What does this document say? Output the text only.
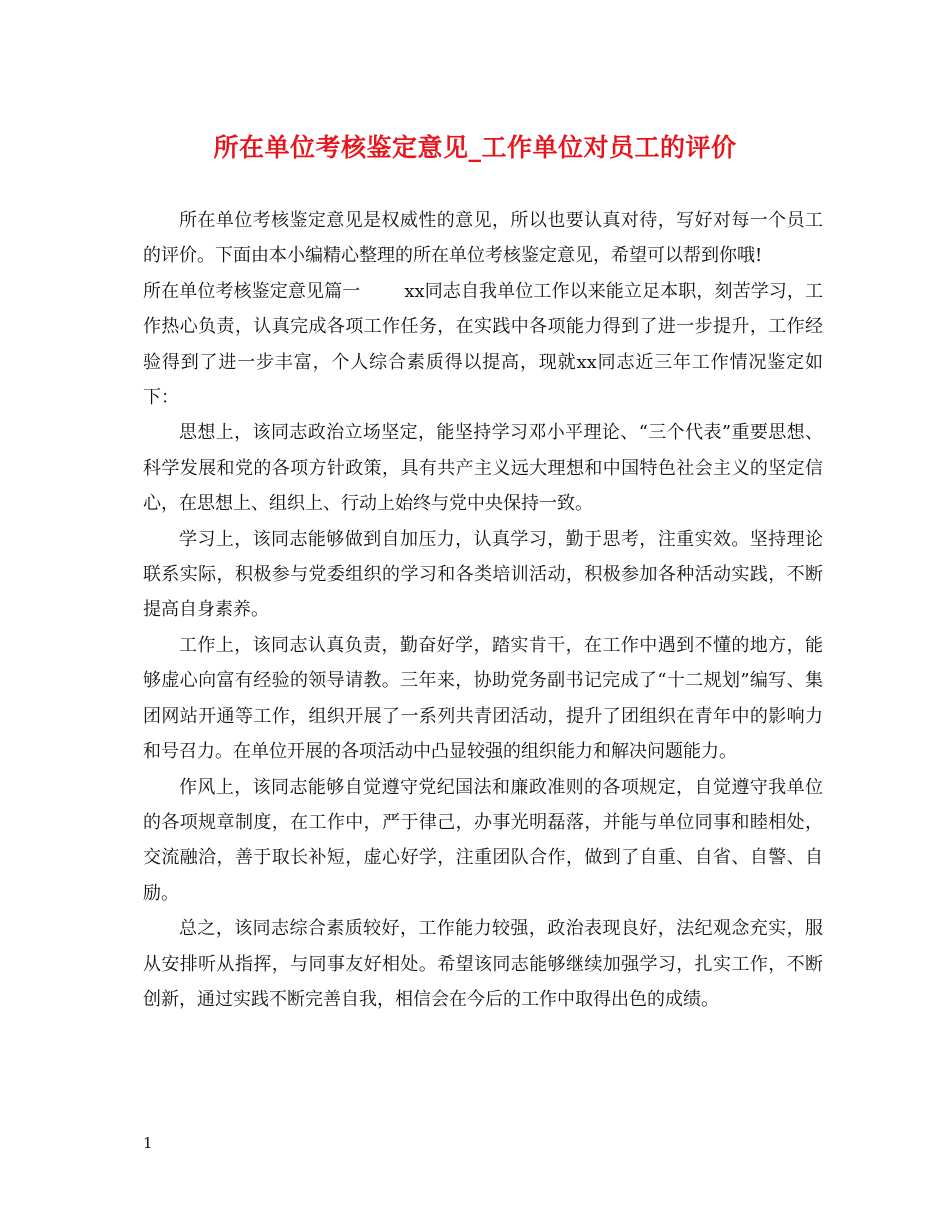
所在单位考核鉴定意见_工作单位对员工的评价

所在单位考核鉴定意见是权威性的意见，所以也要认真对待，写好对每一个员工的评价。下面由本小编精心整理的所在单位考核鉴定意见，希望可以帮到你哦!

所在单位考核鉴定意见篇一 xx同志自我单位工作以来能立足本职，刻苦学习，工作热心负责，认真完成各项工作任务，在实践中各项能力得到了进一步提升，工作经验得到了进一步丰富，个人综合素质得以提高，现就xx同志近三年工作情况鉴定如下：

思想上，该同志政治立场坚定，能坚持学习邓小平理论、“三个代表”重要思想、科学发展和党的各项方针政策，具有共产主义远大理想和中国特色社会主义的坚定信心，在思想上、组织上、行动上始终与党中央保持一致。

学习上，该同志能够做到自加压力，认真学习，勤于思考，注重实效。坚持理论联系实际，积极参与党委组织的学习和各类培训活动，积极参加各种活动实践，不断提高自身素养。

工作上，该同志认真负责，勤奋好学，踏实肯干，在工作中遇到不懂的地方，能够虚心向富有经验的领导请教。三年来，协助党务副书记完成了“十二规划”编写、集团网站开通等工作，组织开展了一系列共青团活动，提升了团组织在青年中的影响力和号召力。在单位开展的各项活动中凸显较强的组织能力和解决问题能力。

作风上，该同志能够自觉遵守党纪国法和廉政准则的各项规定，自觉遵守我单位的各项规章制度，在工作中，严于律己，办事光明磊落，并能与单位同事和睦相处，交流融洽，善于取长补短，虚心好学，注重团队合作，做到了自重、自省、自警、自励。

总之，该同志综合素质较好，工作能力较强，政治表现良好，法纪观念充实，服从安排听从指挥，与同事友好相处。希望该同志能够继续加强学习，扎实工作，不断创新，通过实践不断完善自我，相信会在今后的工作中取得出色的成绩。

1
